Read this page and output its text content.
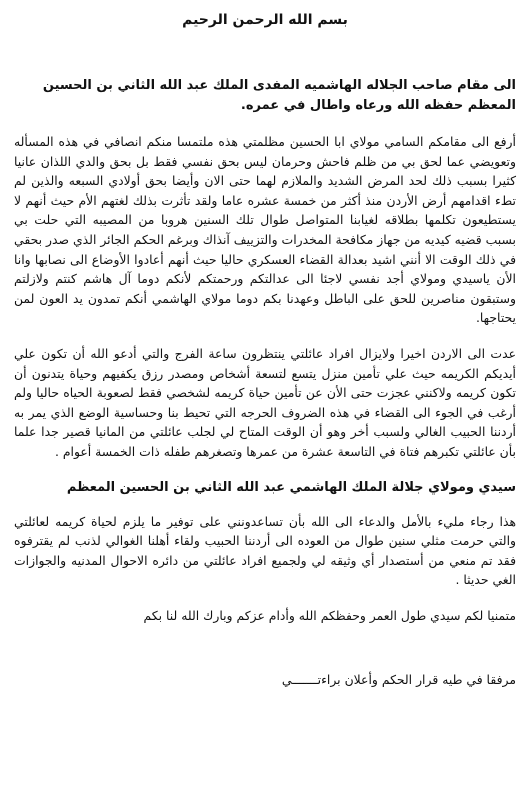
بسم الله الرحمن الرحيم
الى مقام صاحب الجلاله الهاشميه المفدى الملك عبد الله الثاني بن الحسين المعظم حفظه الله ورعاه واطال في عمره.
أرفع الى مقامكم السامي مولاي ابا الحسين مظلمتي هذه ملتمسا منكم انصافي في هذه المسأله وتعويضي عما لحق بي من ظلم فاحش وحرمان ليس بحق نفسي فقط بل بحق والدي اللذان عانيا كثيرا بسبب ذلك لحد المرض الشديد والملازم لهما حتى الان وأيضا بحق أولادي السبعه والذين لم تطء اقدامهم أرض الأردن منذ أكثر من خمسة عشره عاما ولقد تأثرت بذلك لغتهم الأم حيث أنهم لا يستطيعون تكلمها بطلاقه لغيابنا المتواصل طوال تلك السنين هروبا من المصيبه التي حلت بي بسبب قضيه كيديه من جهاز مكافحة المخدرات والتزييف آنذاك وبرغم الحكم الجائر الذي صدر بحقي في ذلك الوقت الا أنني اشيد بعدالة القضاء العسكري حاليا حيث أنهم أعادوا الأوضاع الى نصابها وانا الأن ياسيدي ومولاي أجد نفسي لاجئا الى عدالتكم ورحمتكم لأنكم دوما آل هاشم كنتم ولازلتم وستبقون مناصرين للحق على الباطل وعهدنا بكم دوما مولاي الهاشمي أنكم تمدون يد العون لمن يحتاجها.
عدت الى الاردن اخيرا ولايزال افراد عائلتي ينتظرون ساعة الفرج والتي أدعو الله أن تكون علي أيديكم الكريمه حيث علي تأمين منزل يتسع لتسعة أشخاص ومصدر رزق يكفيهم وحياة يتدنون أن تكون كريمه ولاكنني عجزت حتى الأن عن تأمين حياة كريمه لشخصي فقط لصعوبة الحياه حاليا ولم أرغب في الجوء الى القضاء في هذه الضروف الحرجه التي تحيط بنا وحساسية الوضع الذي يمر به أردننا الحبيب الغالي ولسبب أخر وهو أن الوقت المتاح لي لجلب عائلتي من المانيا قصير جدا علما بأن عائلتي تكبرهم فتاة في التاسعة عشرة من عمرها وتصغرهم طفله ذات الخمسة أعوام .
سيدي ومولاي جلالة الملك الهاشمي عبد الله الثاني بن الحسين المعظم
هذا رجاء مليء بالأمل والدعاء الى الله بأن تساعدونني على توفير ما يلزم لحياة كريمه لعائلتي والتي حرمت مثلي سنين طوال من العوده الى أردننا الحبيب ولقاء أهلنا الغوالي لذنب لم يقترفوه فقد تم منعي من أستصدار أي وثيقه لي ولجميع افراد عائلتي من دائره الاحوال المدنيه والجوازات الغي حديثا .
متمنيا لكم سيدي طول العمر وحفظكم الله وأدام عزكم وبارك الله لنا بكم
مرفقا في طيه قرار الحكم وأعلان براءتـــــــي
